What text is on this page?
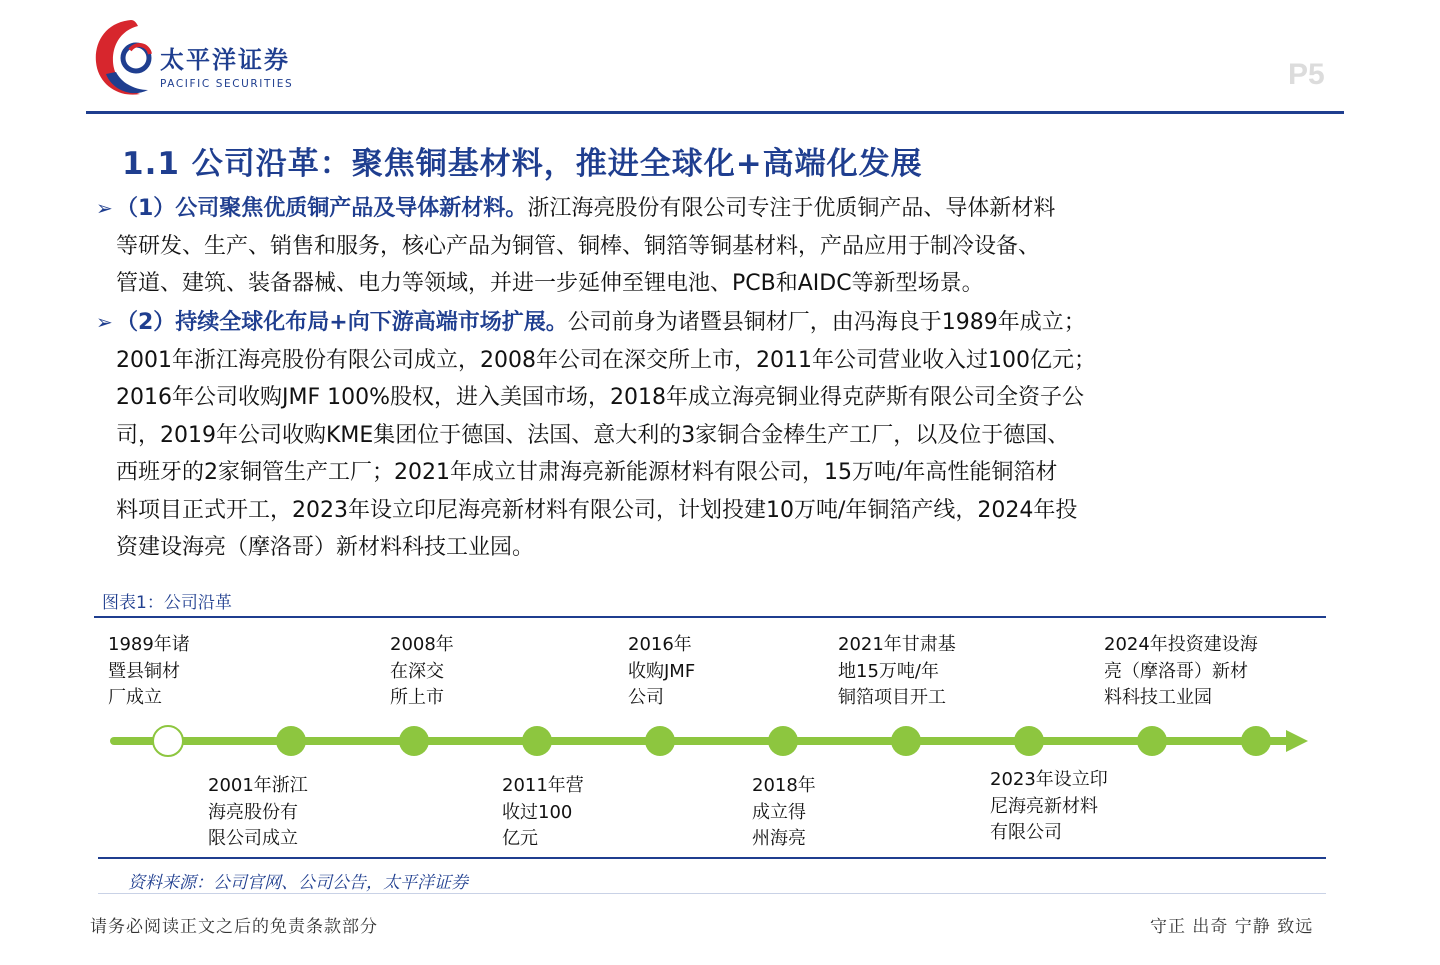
太平洋证券
PACIFIC SECURITIES	P5
1.1 公司沿革：聚焦铜基材料，推进全球化+高端化发展
➢ （1）公司聚焦优质铜产品及导体新材料。浙江海亮股份有限公司专注于优质铜产品、导体新材料
等研发、生产、销售和服务，核心产品为铜管、铜棒、铜箔等铜基材料，产品应用于制冷设备、
管道、建筑、装备器械、电力等领域，并进一步延伸至锂电池、PCB和AIDC等新型场景。
➢ （2）持续全球化布局+向下游高端市场扩展。公司前身为诸暨县铜材厂，由冯海良于1989年成立；
2001年浙江海亮股份有限公司成立，2008年公司在深交所上市，2011年公司营业收入过100亿元；
2016年公司收购JMF 100%股权，进入美国市场，2018年成立海亮铜业得克萨斯有限公司全资子公
司，2019年公司收购KME集团位于德国、法国、意大利的3家铜合金棒生产工厂，以及位于德国、
西班牙的2家铜管生产工厂；2021年成立甘肃海亮新能源材料有限公司，15万吨/年高性能铜箔材
料项目正式开工，2023年设立印尼海亮新材料有限公司，计划投建10万吨/年铜箔产线，2024年投
资建设海亮（摩洛哥）新材料科技工业园。
图表1：公司沿革
1989年诸
暨县铜材
厂成立
2008年
在深交
所上市
2016年
收购JMF
公司
2021年甘肃基
地15万吨/年
铜箔项目开工
2024年投资建设海
亮（摩洛哥）新材
料科技工业园
2001年浙江
海亮股份有
限公司成立
2011年营
收过100
亿元
2018年
成立得
州海亮
2023年设立印
尼海亮新材料
有限公司
资料来源：公司官网、公司公告，太平洋证券
请务必阅读正文之后的免责条款部分	守正 出奇 宁静 致远
